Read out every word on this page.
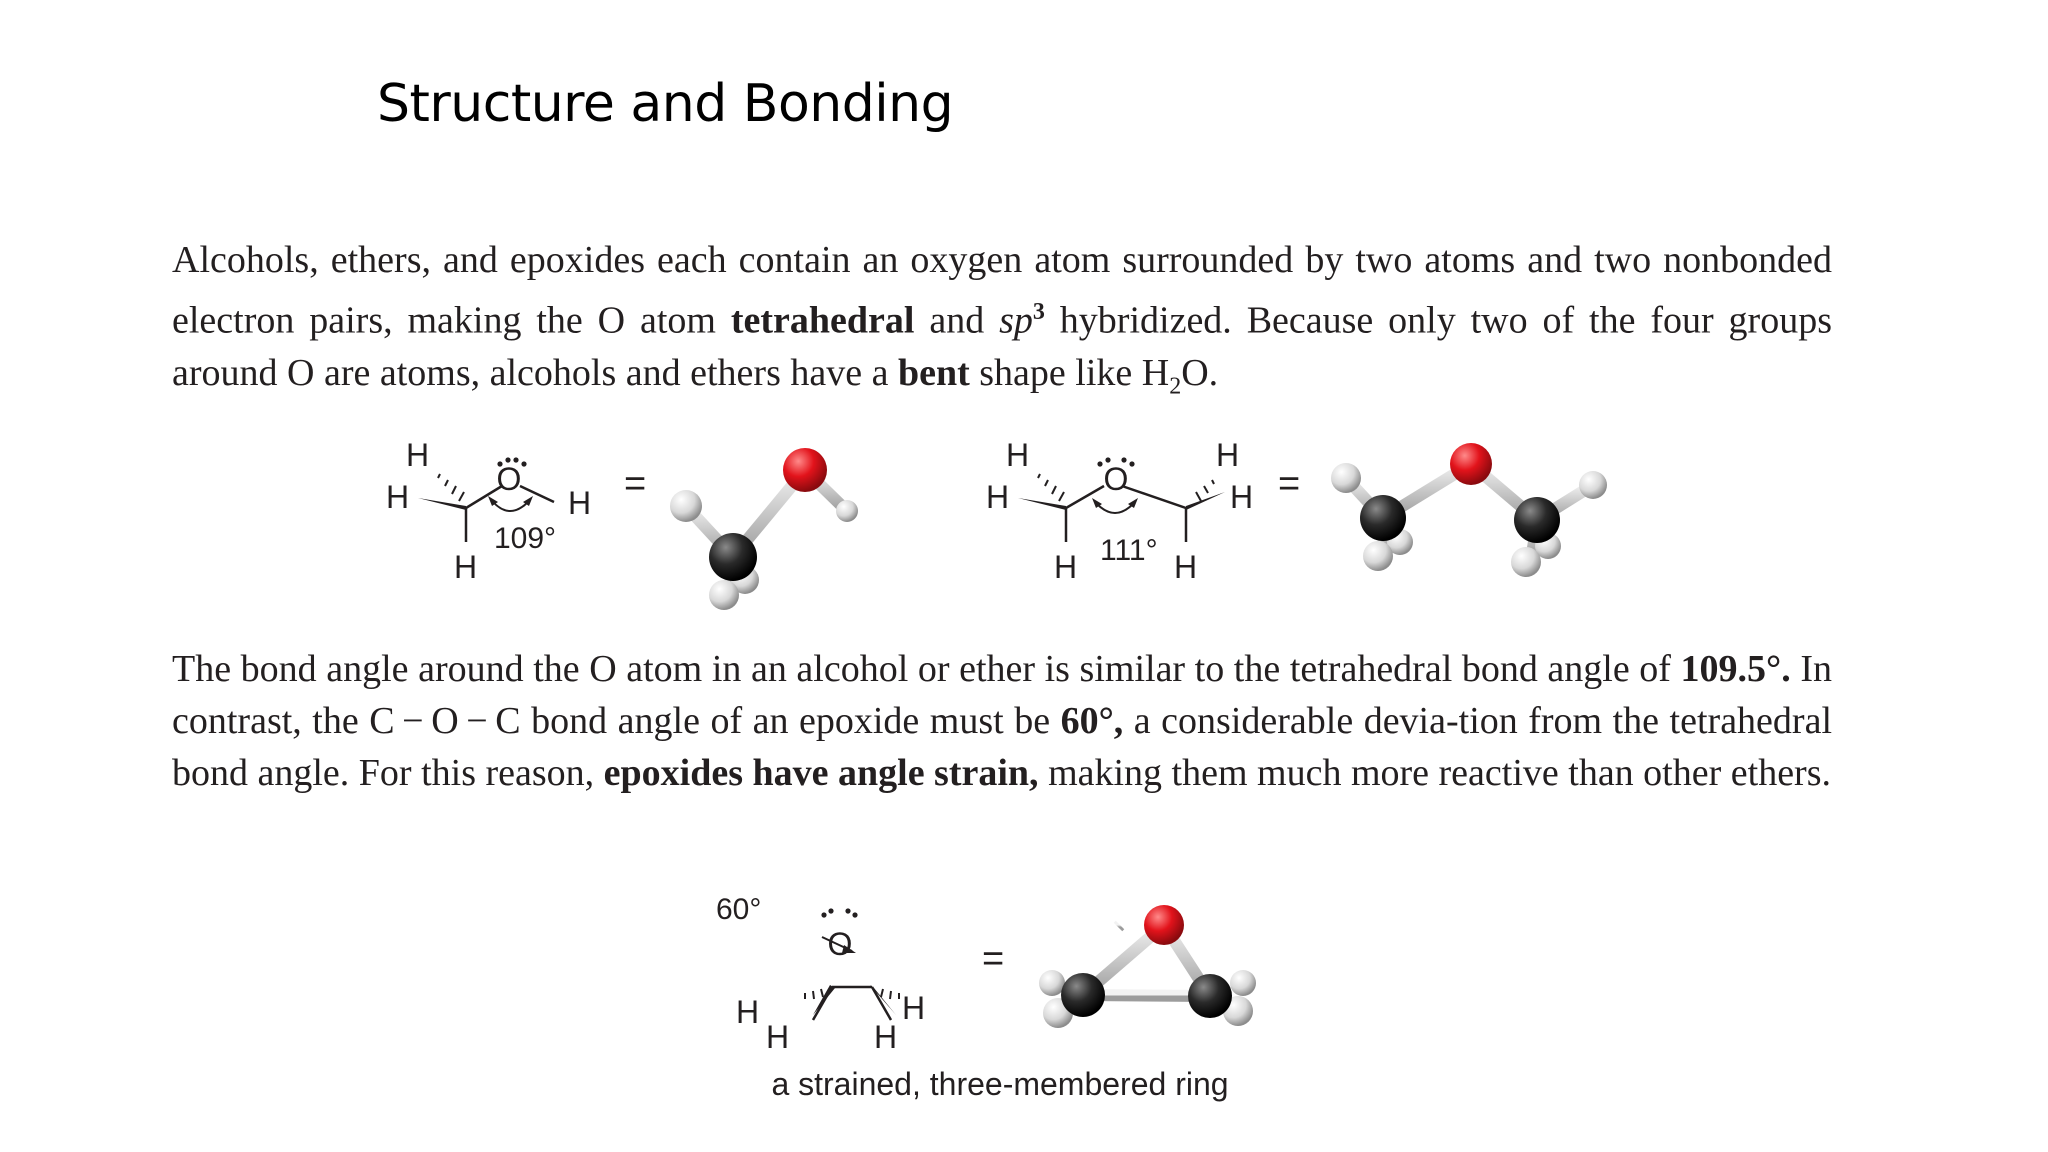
Structure and Bonding

Alcohols, ethers, and epoxides each contain an oxygen atom surrounded by two atoms and two nonbonded electron pairs, making the O atom tetrahedral and $sp^3$ hybridized. Because only two of the four groups around O are atoms, alcohols and ethers have a bent shape like $H_2O$.

H
H
H
H
O
109°
=
H
H
H
H
H
H
O
111°
=

The bond angle around the O atom in an alcohol or ether is similar to the tetrahedral bond angle of 109.5°. In contrast, the C − O − C bond angle of an epoxide must be 60°, a considerable devia-tion from the tetrahedral bond angle. For this reason, epoxides have angle strain, making them much more reactive than other ethers.

60°
O
H
H
H
H
=

a strained, three-membered ring
